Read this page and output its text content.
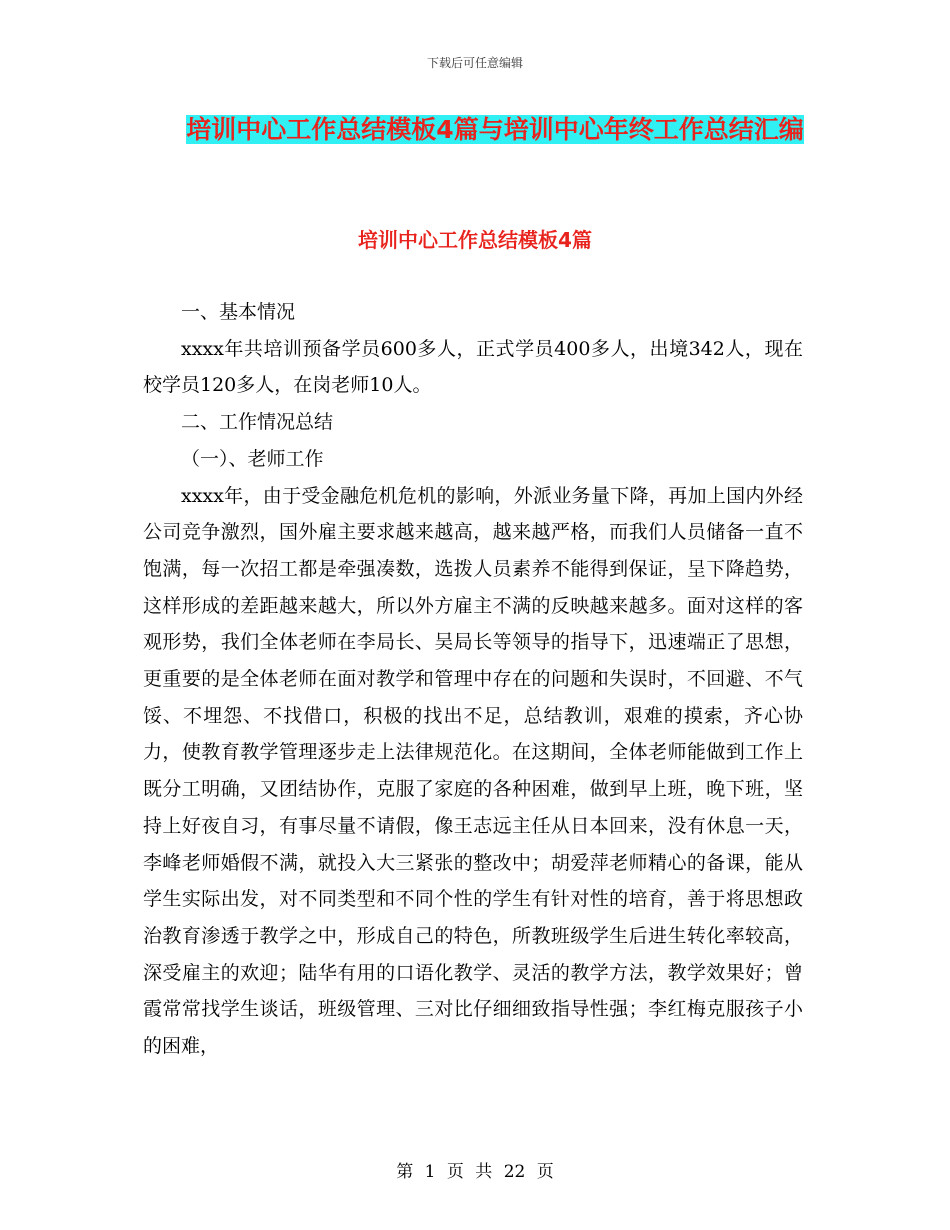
下载后可任意编辑
培训中心工作总结模板4篇与培训中心年终工作总结汇编
培训中心工作总结模板4篇

一、基本情况

xxxx年共培训预备学员600多人，正式学员400多人，出境342人，现在校学员120多人，在岗老师10人。

二、工作情况总结

（一）、老师工作

xxxx年，由于受金融危机危机的影响，外派业务量下降，再加上国内外经公司竞争激烈，国外雇主要求越来越高，越来越严格，而我们人员储备一直不饱满，每一次招工都是牵强凑数，选拨人员素养不能得到保证，呈下降趋势，这样形成的差距越来越大，所以外方雇主不满的反映越来越多。面对这样的客观形势，我们全体老师在李局长、吴局长等领导的指导下，迅速端正了思想，更重要的是全体老师在面对教学和管理中存在的问题和失误时，不回避、不气馁、不埋怨、不找借口，积极的找出不足，总结教训，艰难的摸索，齐心协力，使教育教学管理逐步走上法律规范化。在这期间，全体老师能做到工作上既分工明确，又团结协作，克服了家庭的各种困难，做到早上班，晚下班，坚持上好夜自习，有事尽量不请假，像王志远主任从日本回来，没有休息一天，李峰老师婚假不满，就投入大三紧张的整改中；胡爱萍老师精心的备课，能从学生实际出发，对不同类型和不同个性的学生有针对性的培育，善于将思想政治教育渗透于教学之中，形成自己的特色，所教班级学生后进生转化率较高，深受雇主的欢迎；陆华有用的口语化教学、灵活的教学方法，教学效果好；曾霞常常找学生谈话，班级管理、三对比仔细细致指导性强；李红梅克服孩子小的困难，

第 1 页 共 22 页
